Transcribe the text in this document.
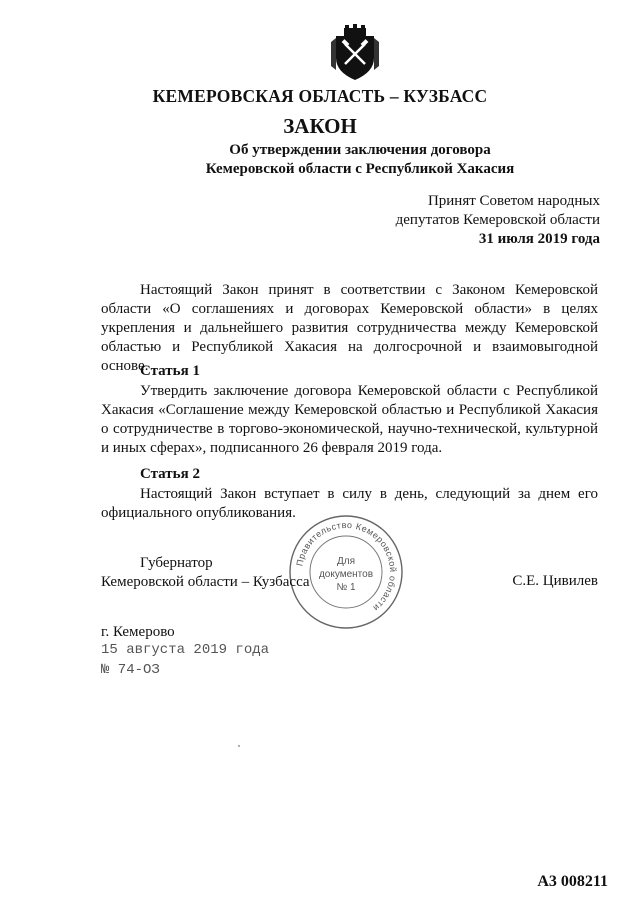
КЕМЕРОВСКАЯ ОБЛАСТЬ – КУЗБАСС
ЗАКОН
Об утверждении заключения договора
Кемеровской области с Республикой Хакасия
Принят Советом народных
депутатов Кемеровской области
31 июля 2019 года
Настоящий Закон принят в соответствии с Законом Кемеровской
области «О соглашениях и договорах Кемеровской области» в целях
укрепления и дальнейшего развития сотрудничества между Кемеровской
областью и Республикой Хакасия на долгосрочной и взаимовыгодной основе.
Статья 1
Утвердить заключение договора Кемеровской области с Республикой
Хакасия «Соглашение между Кемеровской областью и Республикой Хакасия
о сотрудничестве в торгово-экономической, научно-технической, культурной
и иных сферах», подписанного 26 февраля 2019 года.
Статья 2
Настоящий Закон вступает в силу в день, следующий за днем его
официального опубликования.
Правительство Кемеровской области
Для
документов
№ 1
Губернатор
Кемеровской области – Кузбасса	С.Е. Цивилев
г. Кемерово
15 августа 2019 года
№ 74-ОЗ
А3 008211
